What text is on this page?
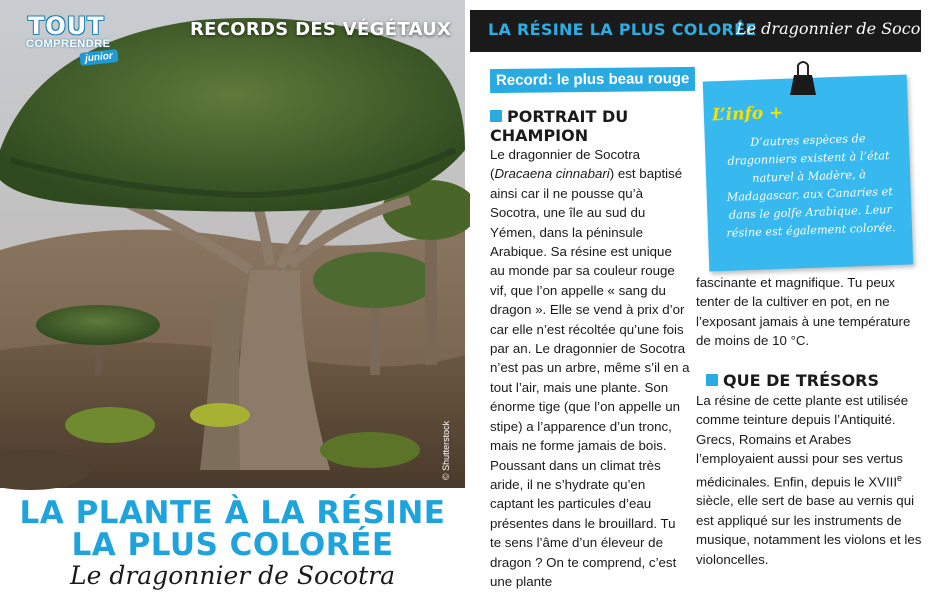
TOUT
COMPRENDRE
junior
RECORDS DES VÉGÉTAUX
© Shutterstock
LA PLANTE À LA RÉSINE
LA PLUS COLORÉE
Le dragonnier de Socotra
LA RÉSINE LA PLUS COLORÉE
Le dragonnier de Socotra
Record: le plus beau rouge
PORTRAIT DU CHAMPION

Le dragonnier de Socotra (Dracaena cinnabari) est baptisé ainsi car il ne pousse qu’à Socotra, une île au sud du Yémen, dans la péninsule Arabique. Sa résine est unique au monde par sa couleur rouge vif, que l’on appelle « sang du dragon ». Elle se vend à prix d’or car elle n’est récoltée qu’une fois par an. Le dragonnier de Socotra n’est pas un arbre, même s’il en a tout l’air, mais une plante. Son énorme tige (que l’on appelle un stipe) a l’apparence d’un tronc, mais ne forme jamais de bois. Poussant dans un climat très aride, il ne s’hydrate qu’en captant les particules d’eau présentes dans le brouillard. Tu te sens l’âme d’un éleveur de dragon ? On te comprend, c’est une plante

L’info +
D’autres espèces de dragonniers existent à l’état naturel à Madère, à Madagascar, aux Canaries et dans le golfe Arabique. Leur résine est également colorée.

fascinante et magnifique. Tu peux tenter de la cultiver en pot, en ne l’exposant jamais à une température de moins de 10 °C.

QUE DE TRÉSORS

La résine de cette plante est utilisée comme teinture depuis l’Antiquité. Grecs, Romains et Arabes l’employaient aussi pour ses vertus médicinales. Enfin, depuis le XVIIIe siècle, elle sert de base au vernis qui est appliqué sur les instruments de musique, notamment les violons et les violoncelles.
